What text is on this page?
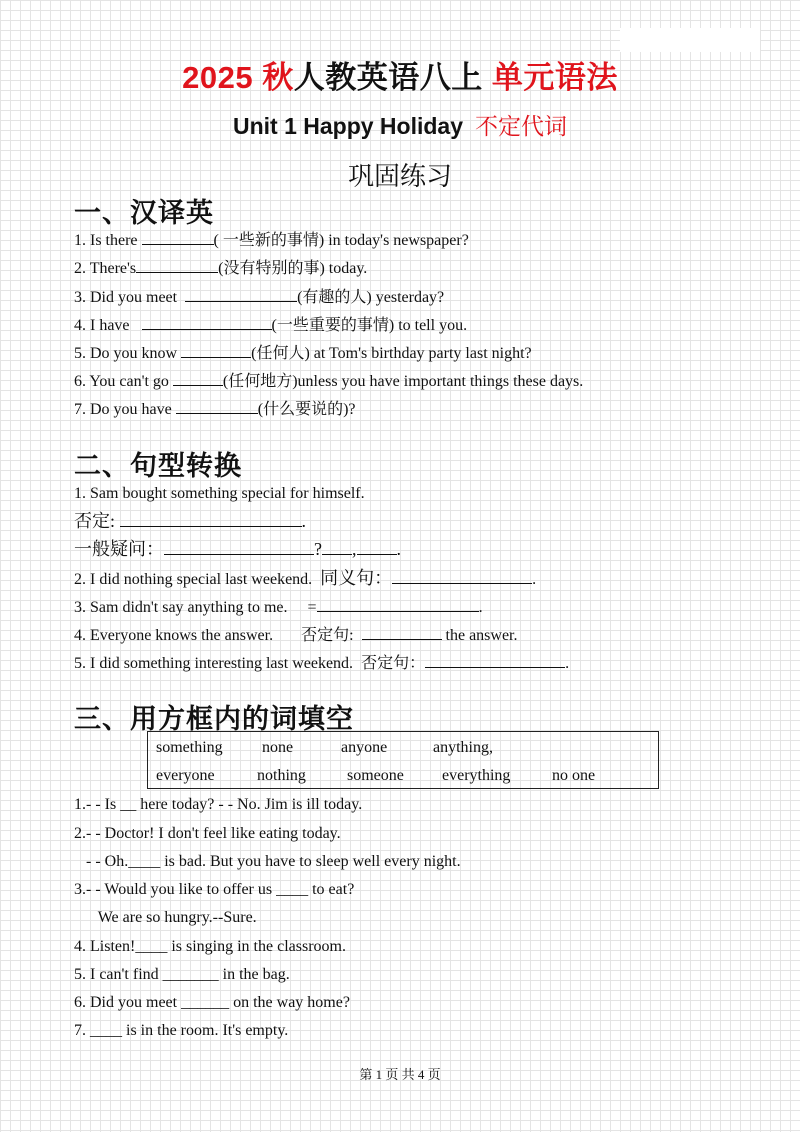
2025 秋人教英语八上 单元语法
Unit 1 Happy Holiday 不定代词
巩固练习
一、汉译英
1. Is there	( 一些新的事情) in today's newspaper?
2. There's	(没有特别的事) today.
3. Did you meet	(有趣的人) yesterday?
4. I have	(一些重要的事情) to tell you.
5. Do you know	(任何人) at Tom's birthday party last night?
6. You can't go	(任何地方)unless you have important things these days.
7. Do you have	(什么要说的)?
二、句型转换
1. Sam bought something special for himself.
否定:	.
一般疑问：	? , .
2. I did nothing special last weekend.  同义句：	.
3. Sam didn't say anything to me.     =	.
4. Everyone knows the answer.       否定句:	the answer.
5. I did something interesting last weekend.  否定句：	.
三、用方框内的词填空
something none	anyone	anything,
everyone	nothing	someone everything	no one
1.- - Is __ here today? - - No. Jim is ill today.
2.- - Doctor! I don't feel like eating today.
- - Oh.____ is bad. But you have to sleep well every night.
3.- - Would you like to offer us ____ to eat?
We are so hungry.--Sure.
4. Listen!____ is singing in the classroom.
5. I can't find _______ in the bag.
6. Did you meet ______ on the way home?
7. ____ is in the room. It's empty.
第 1 页 共 4 页
